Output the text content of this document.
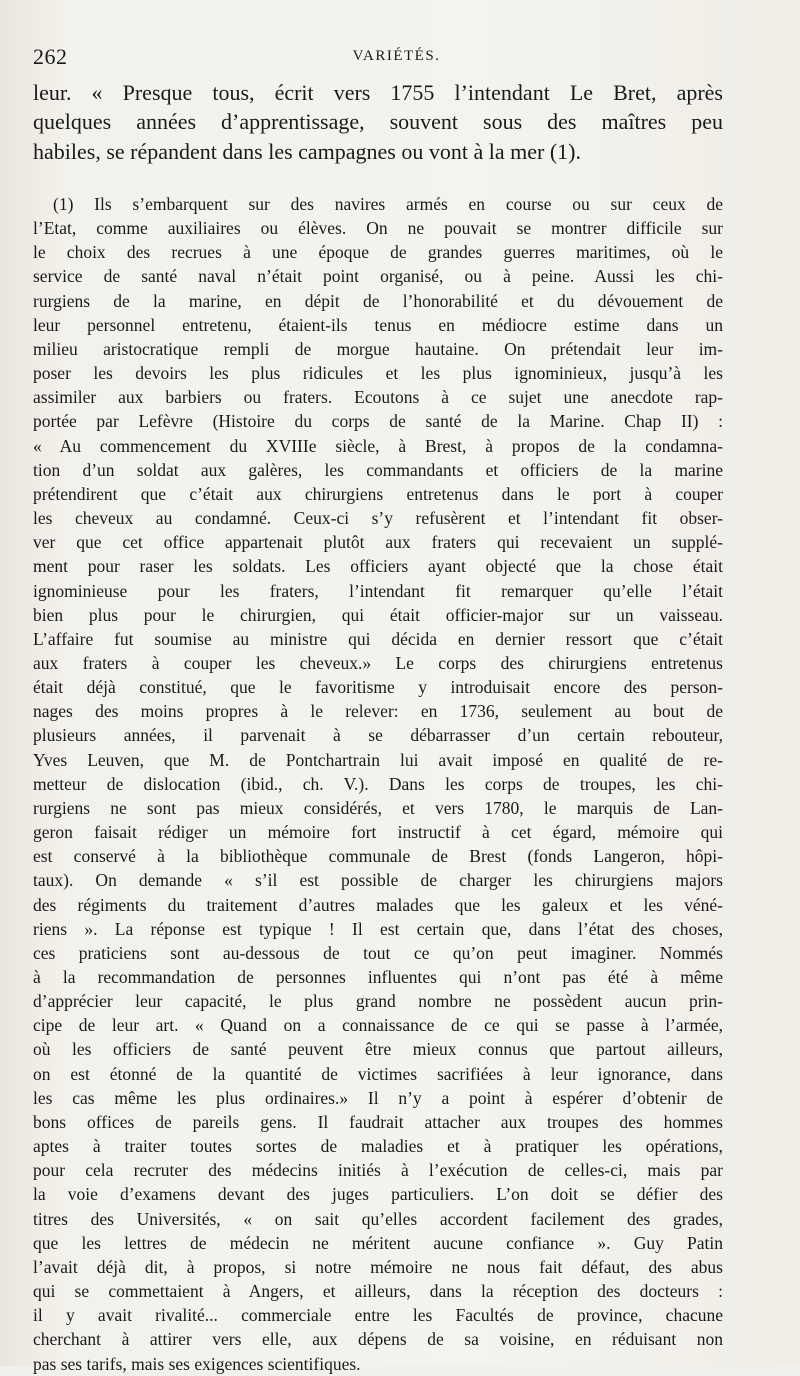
262	VARIÉTÉS.
leur. « Presque tous, écrit vers 1755 l’intendant Le Bret, après
quelques années d’apprentissage, souvent sous des maîtres peu
habiles, se répandent dans les campagnes ou vont à la mer (1).
(1) Ils s’embarquent sur des navires armés en course ou sur ceux de
l’Etat, comme auxiliaires ou élèves. On ne pouvait se montrer difficile sur
le choix des recrues à une époque de grandes guerres maritimes, où le
service de santé naval n’était point organisé, ou à peine. Aussi les chi-
rurgiens de la marine, en dépit de l’honorabilité et du dévouement de
leur personnel entretenu, étaient-ils tenus en médiocre estime dans un
milieu aristocratique rempli de morgue hautaine. On prétendait leur im-
poser les devoirs les plus ridicules et les plus ignominieux, jusqu’à les
assimiler aux barbiers ou fraters. Ecoutons à ce sujet une anecdote rap-
portée par Lefèvre (Histoire du corps de santé de la Marine. Chap II) :
« Au commencement du XVIIIe siècle, à Brest, à propos de la condamna-
tion d’un soldat aux galères, les commandants et officiers de la marine
prétendirent que c’était aux chirurgiens entretenus dans le port à couper
les cheveux au condamné. Ceux-ci s’y refusèrent et l’intendant fit obser-
ver que cet office appartenait plutôt aux fraters qui recevaient un supplé-
ment pour raser les soldats. Les officiers ayant objecté que la chose était
ignominieuse pour les fraters, l’intendant fit remarquer qu’elle l’était
bien plus pour le chirurgien, qui était officier-major sur un vaisseau.
L’affaire fut soumise au ministre qui décida en dernier ressort que c’était
aux fraters à couper les cheveux.» Le corps des chirurgiens entretenus
était déjà constitué, que le favoritisme y introduisait encore des person-
nages des moins propres à le relever: en 1736, seulement au bout de
plusieurs années, il parvenait à se débarrasser d’un certain rebouteur,
Yves Leuven, que M. de Pontchartrain lui avait imposé en qualité de re-
metteur de dislocation (ibid., ch. V.). Dans les corps de troupes, les chi-
rurgiens ne sont pas mieux considérés, et vers 1780, le marquis de Lan-
geron faisait rédiger un mémoire fort instructif à cet égard, mémoire qui
est conservé à la bibliothèque communale de Brest (fonds Langeron, hôpi-
taux). On demande « s’il est possible de charger les chirurgiens majors
des régiments du traitement d’autres malades que les galeux et les véné-
riens ». La réponse est typique ! Il est certain que, dans l’état des choses,
ces praticiens sont au-dessous de tout ce qu’on peut imaginer. Nommés
à la recommandation de personnes influentes qui n’ont pas été à même
d’apprécier leur capacité, le plus grand nombre ne possèdent aucun prin-
cipe de leur art. « Quand on a connaissance de ce qui se passe à l’armée,
où les officiers de santé peuvent être mieux connus que partout ailleurs,
on est étonné de la quantité de victimes sacrifiées à leur ignorance, dans
les cas même les plus ordinaires.» Il n’y a point à espérer d’obtenir de
bons offices de pareils gens. Il faudrait attacher aux troupes des hommes
aptes à traiter toutes sortes de maladies et à pratiquer les opérations,
pour cela recruter des médecins initiés à l’exécution de celles-ci, mais par
la voie d’examens devant des juges particuliers. L’on doit se défier des
titres des Universités, « on sait qu’elles accordent facilement des grades,
que les lettres de médecin ne méritent aucune confiance ». Guy Patin
l’avait déjà dit, à propos, si notre mémoire ne nous fait défaut, des abus
qui se commettaient à Angers, et ailleurs, dans la réception des docteurs :
il y avait rivalité... commerciale entre les Facultés de province, chacune
cherchant à attirer vers elle, aux dépens de sa voisine, en réduisant non
pas ses tarifs, mais ses exigences scientifiques.
